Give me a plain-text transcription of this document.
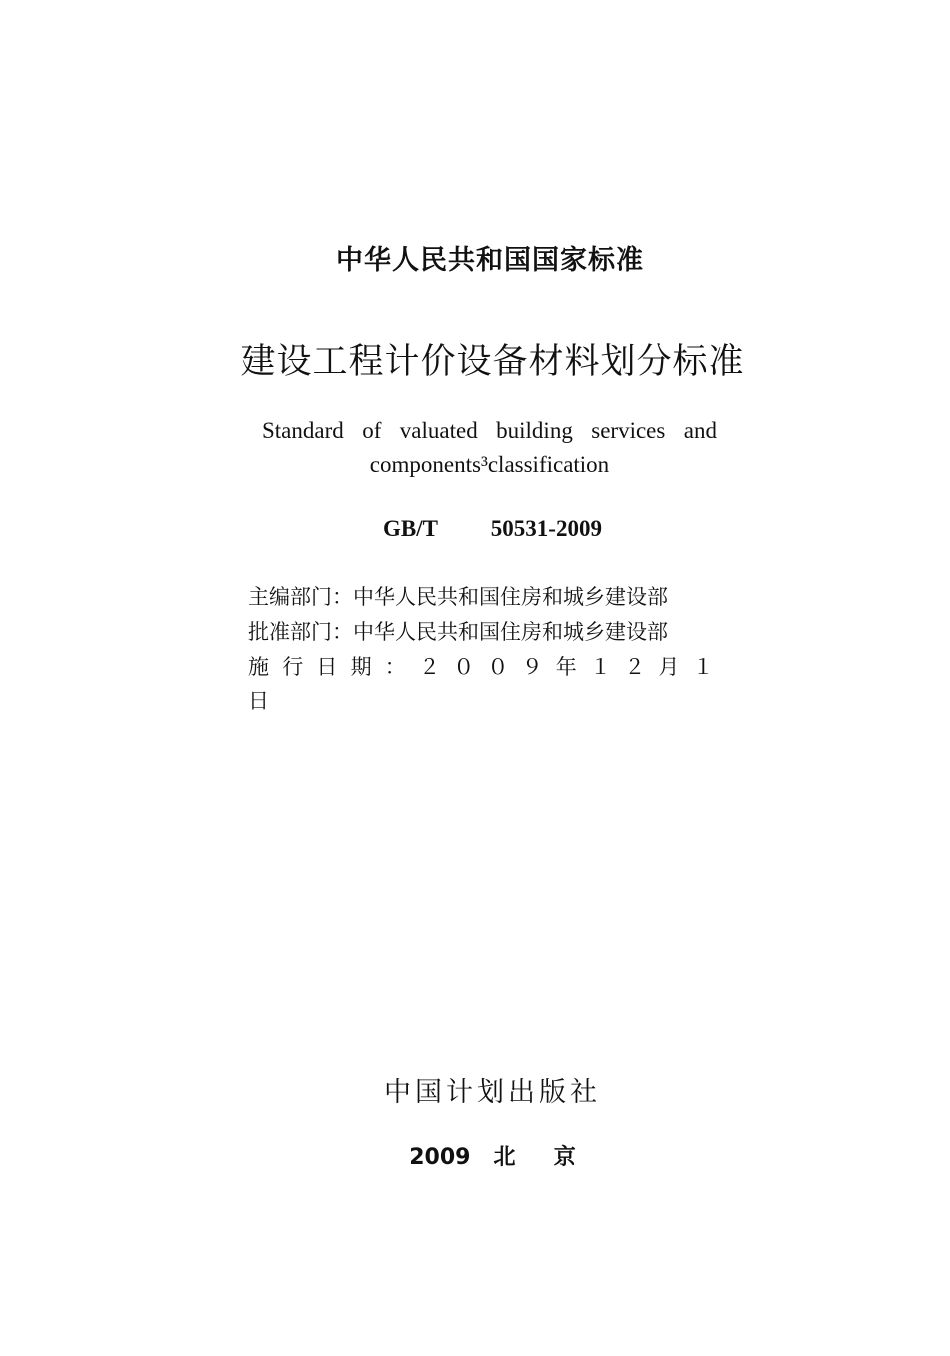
中华人民共和国国家标准
建设工程计价设备材料划分标准
Standard of valuated building services and components³classification
GB/T   50531-2009
主编部门：中华人民共和国住房和城乡建设部
批准部门：中华人民共和国住房和城乡建设部
施行日期：２００９年１２月１日
中国计划出版社
2009   北     京
